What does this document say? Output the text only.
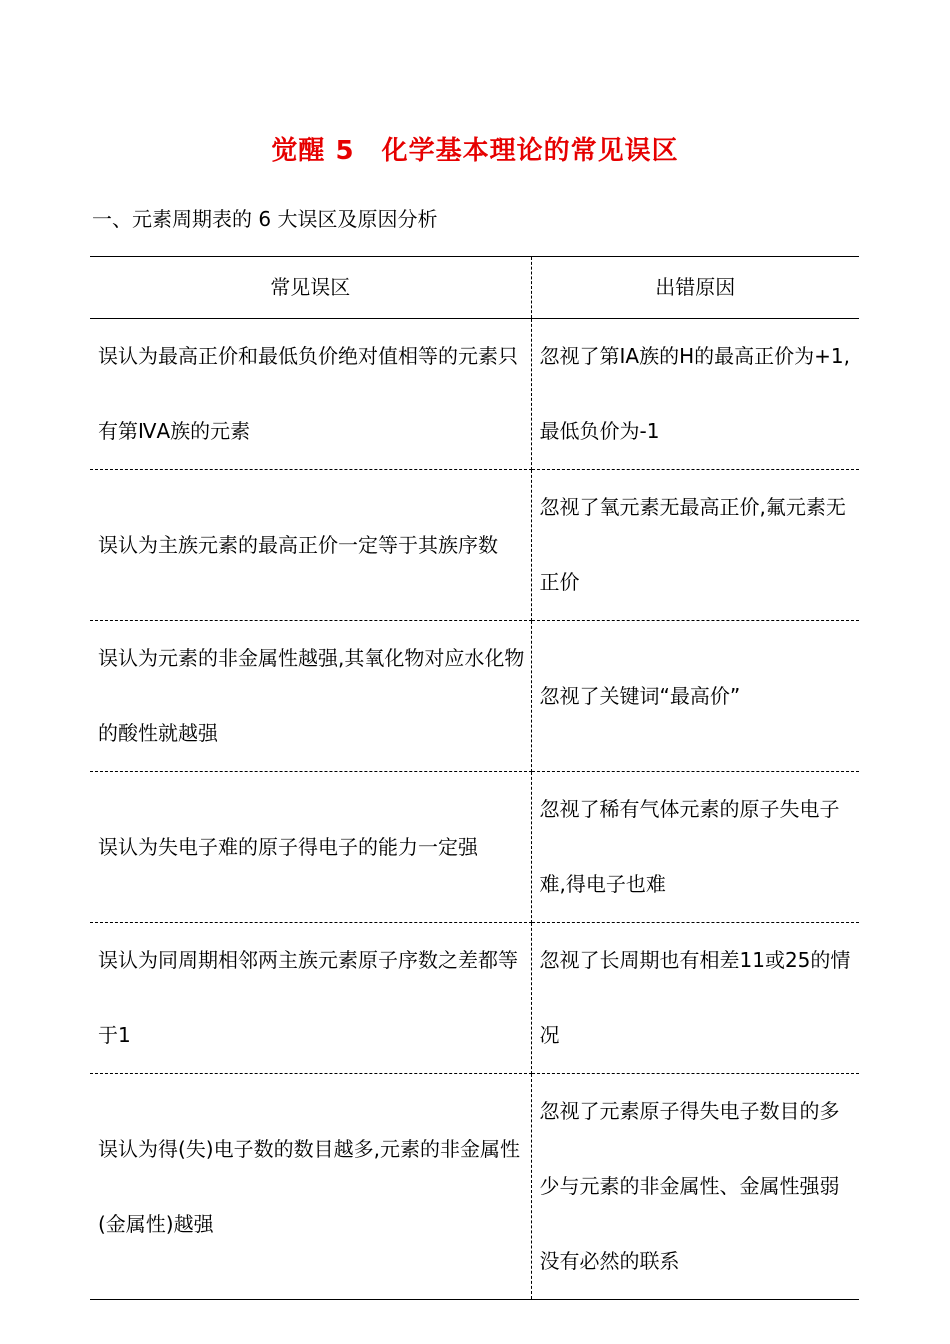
觉醒 5　化学基本理论的常见误区
一、元素周期表的 6 大误区及原因分析
常见误区	出错原因

误认为最高正价和最低负价绝对值相等的元素只有第ⅣA族的元素	忽视了第ⅠA族的H的最高正价为+1,最低负价为-1

误认为主族元素的最高正价一定等于其族序数	忽视了氧元素无最高正价,氟元素无正价

误认为元素的非金属性越强,其氧化物对应水化物的酸性就越强	忽视了关键词“最高价”

误认为失电子难的原子得电子的能力一定强	忽视了稀有气体元素的原子失电子难,得电子也难

误认为同周期相邻两主族元素原子序数之差都等于1	忽视了长周期也有相差11或25的情况

误认为得(失)电子数的数目越多,元素的非金属性(金属性)越强	忽视了元素原子得失电子数目的多少与元素的非金属性、金属性强弱没有必然的联系
